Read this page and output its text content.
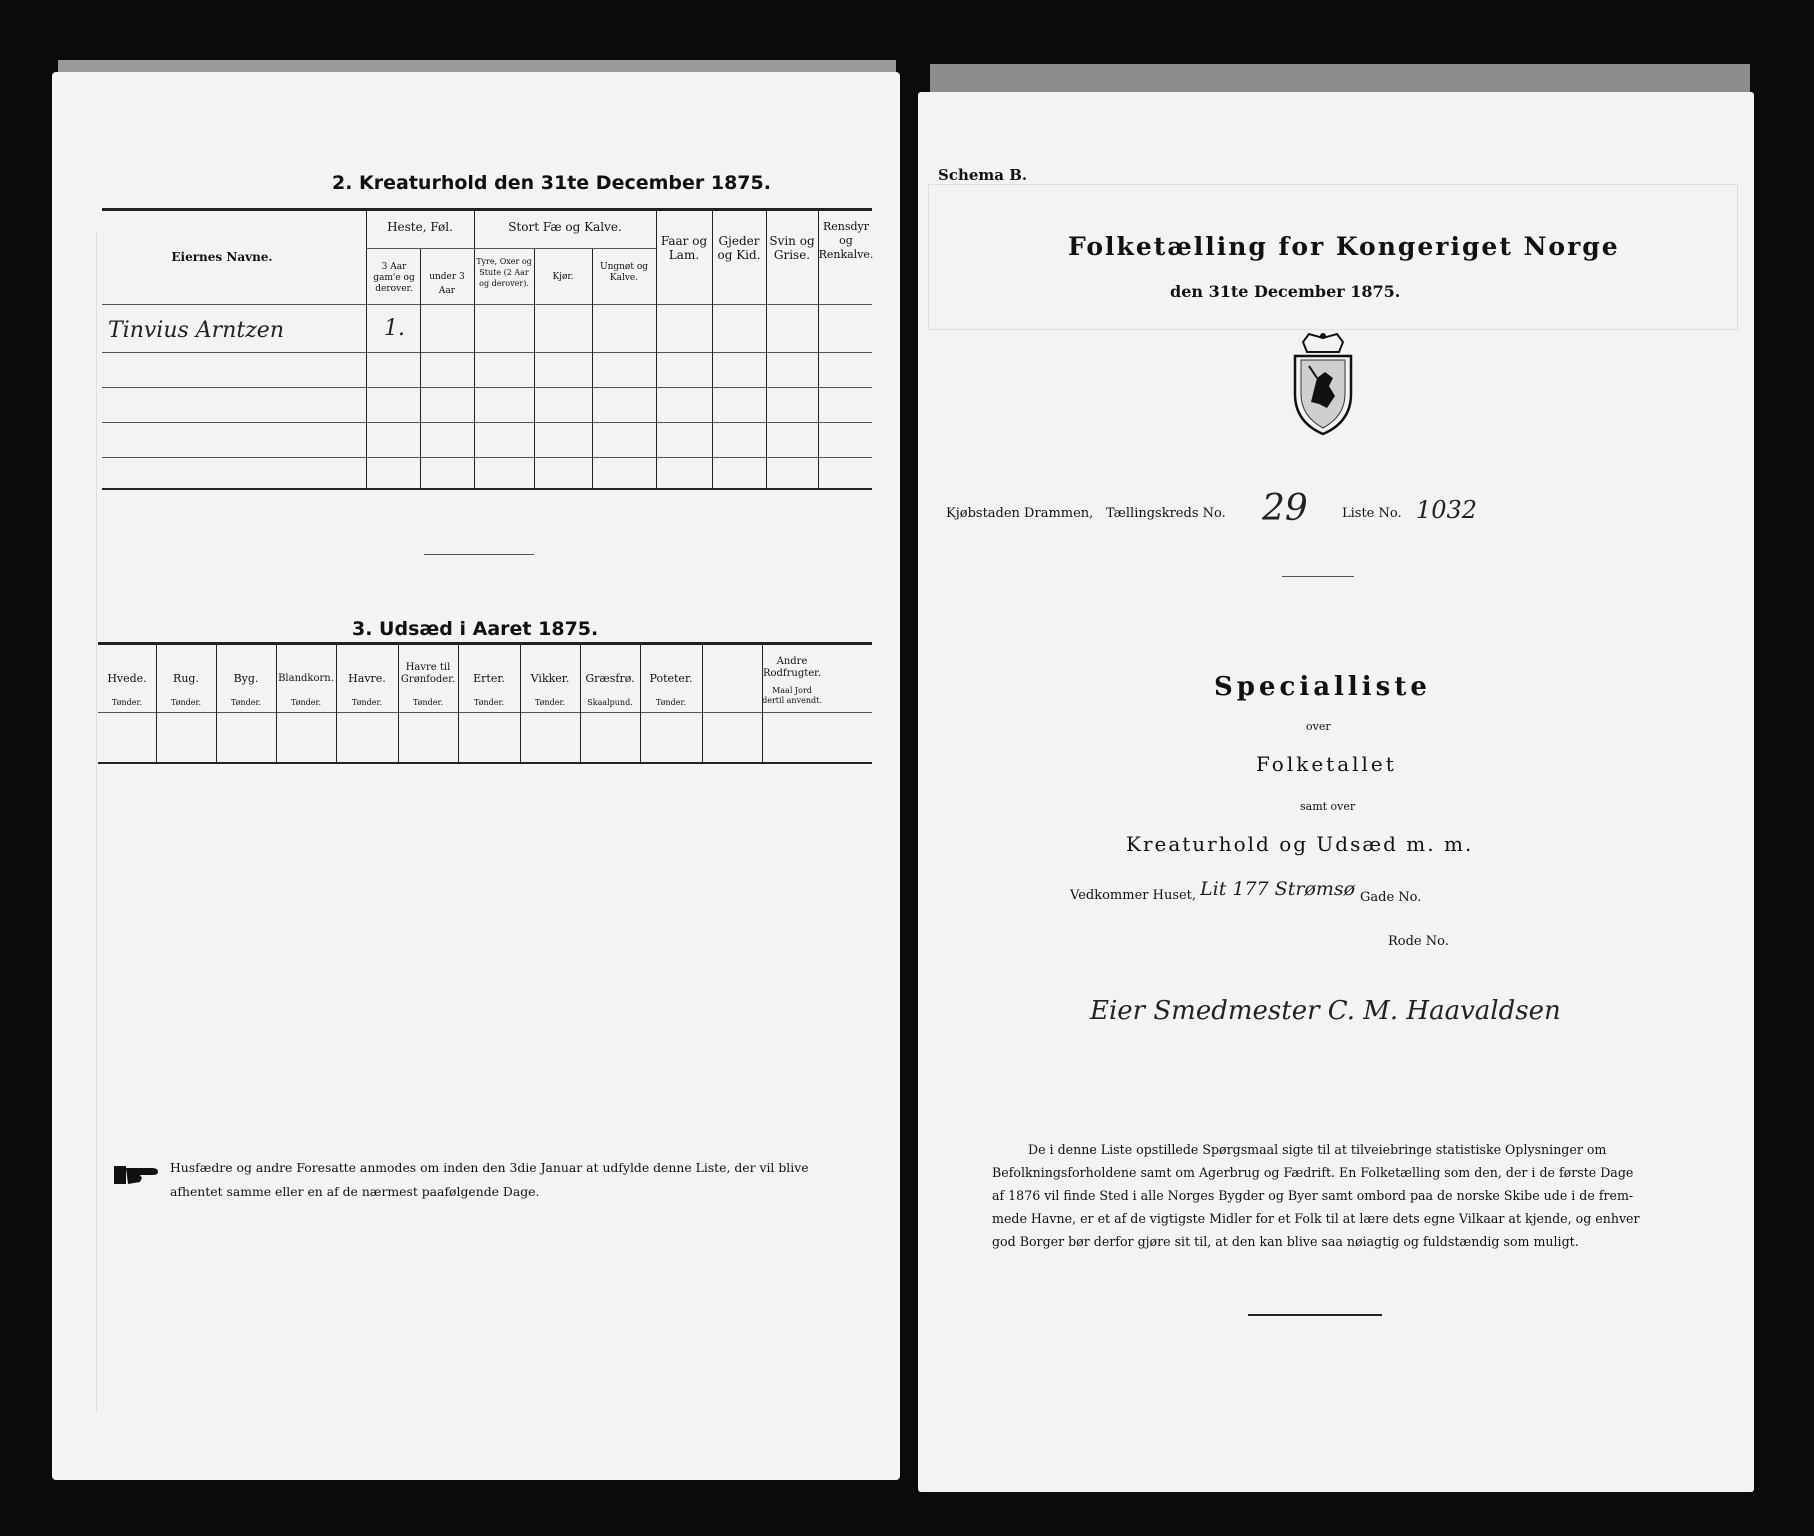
2. Kreaturhold den 31te December 1875.
Eiernes Navne.
Heste, Føl.
3 Aar gam'e og derover.
under 3 Aar
Stort Fæ og Kalve.
Tyre, Oxer og Stute (2 Aar og derover).
Kjør.
Ungnøt og Kalve.
Faar og Lam.
Gjeder og Kid.
Svin og Grise.
Rensdyr og Renkalve.
Tinvius Arntzen	1.
3. Udsæd i Aaret 1875.
Hvede.
Tønder.
Rug.
Tønder.
Byg.
Tønder.
Blandkorn.
Tønder.
Havre.
Tønder.
Havre til Grønfoder.
Tønder.
Erter.
Tønder.
Vikker.
Tønder.
Græsfrø.
Skaalpund.
Poteter.
Tønder.
Andre Rodfrugter.
Maal Jord dertil anvendt.
Husfædre og andre Foresatte anmodes om inden den 3die Januar at udfylde denne Liste, der vil blive
afhentet samme eller en af de nærmest paafølgende Dage.
Schema B.
Folketælling for Kongeriget Norge
den 31te December 1875.
Kjøbstaden Drammen, Tællingskreds No. 29	Liste No. 1032
Specialliste
over
Folketallet
samt over
Kreaturhold og Udsæd m. m.
Vedkommer Huset, Lit 177 Strømsø Gade No.
Rode No.
Eier Smedmester C. M. Haavaldsen
De i denne Liste opstillede Spørgsmaal sigte til at tilveiebringe statistiske Oplysninger om
Befolkningsforholdene samt om Agerbrug og Fædrift. En Folketælling som den, der i de første Dage
af 1876 vil finde Sted i alle Norges Bygder og Byer samt ombord paa de norske Skibe ude i de frem-
mede Havne, er et af de vigtigste Midler for et Folk til at lære dets egne Vilkaar at kjende, og enhver
god Borger bør derfor gjøre sit til, at den kan blive saa nøiagtig og fuldstændig som muligt.
